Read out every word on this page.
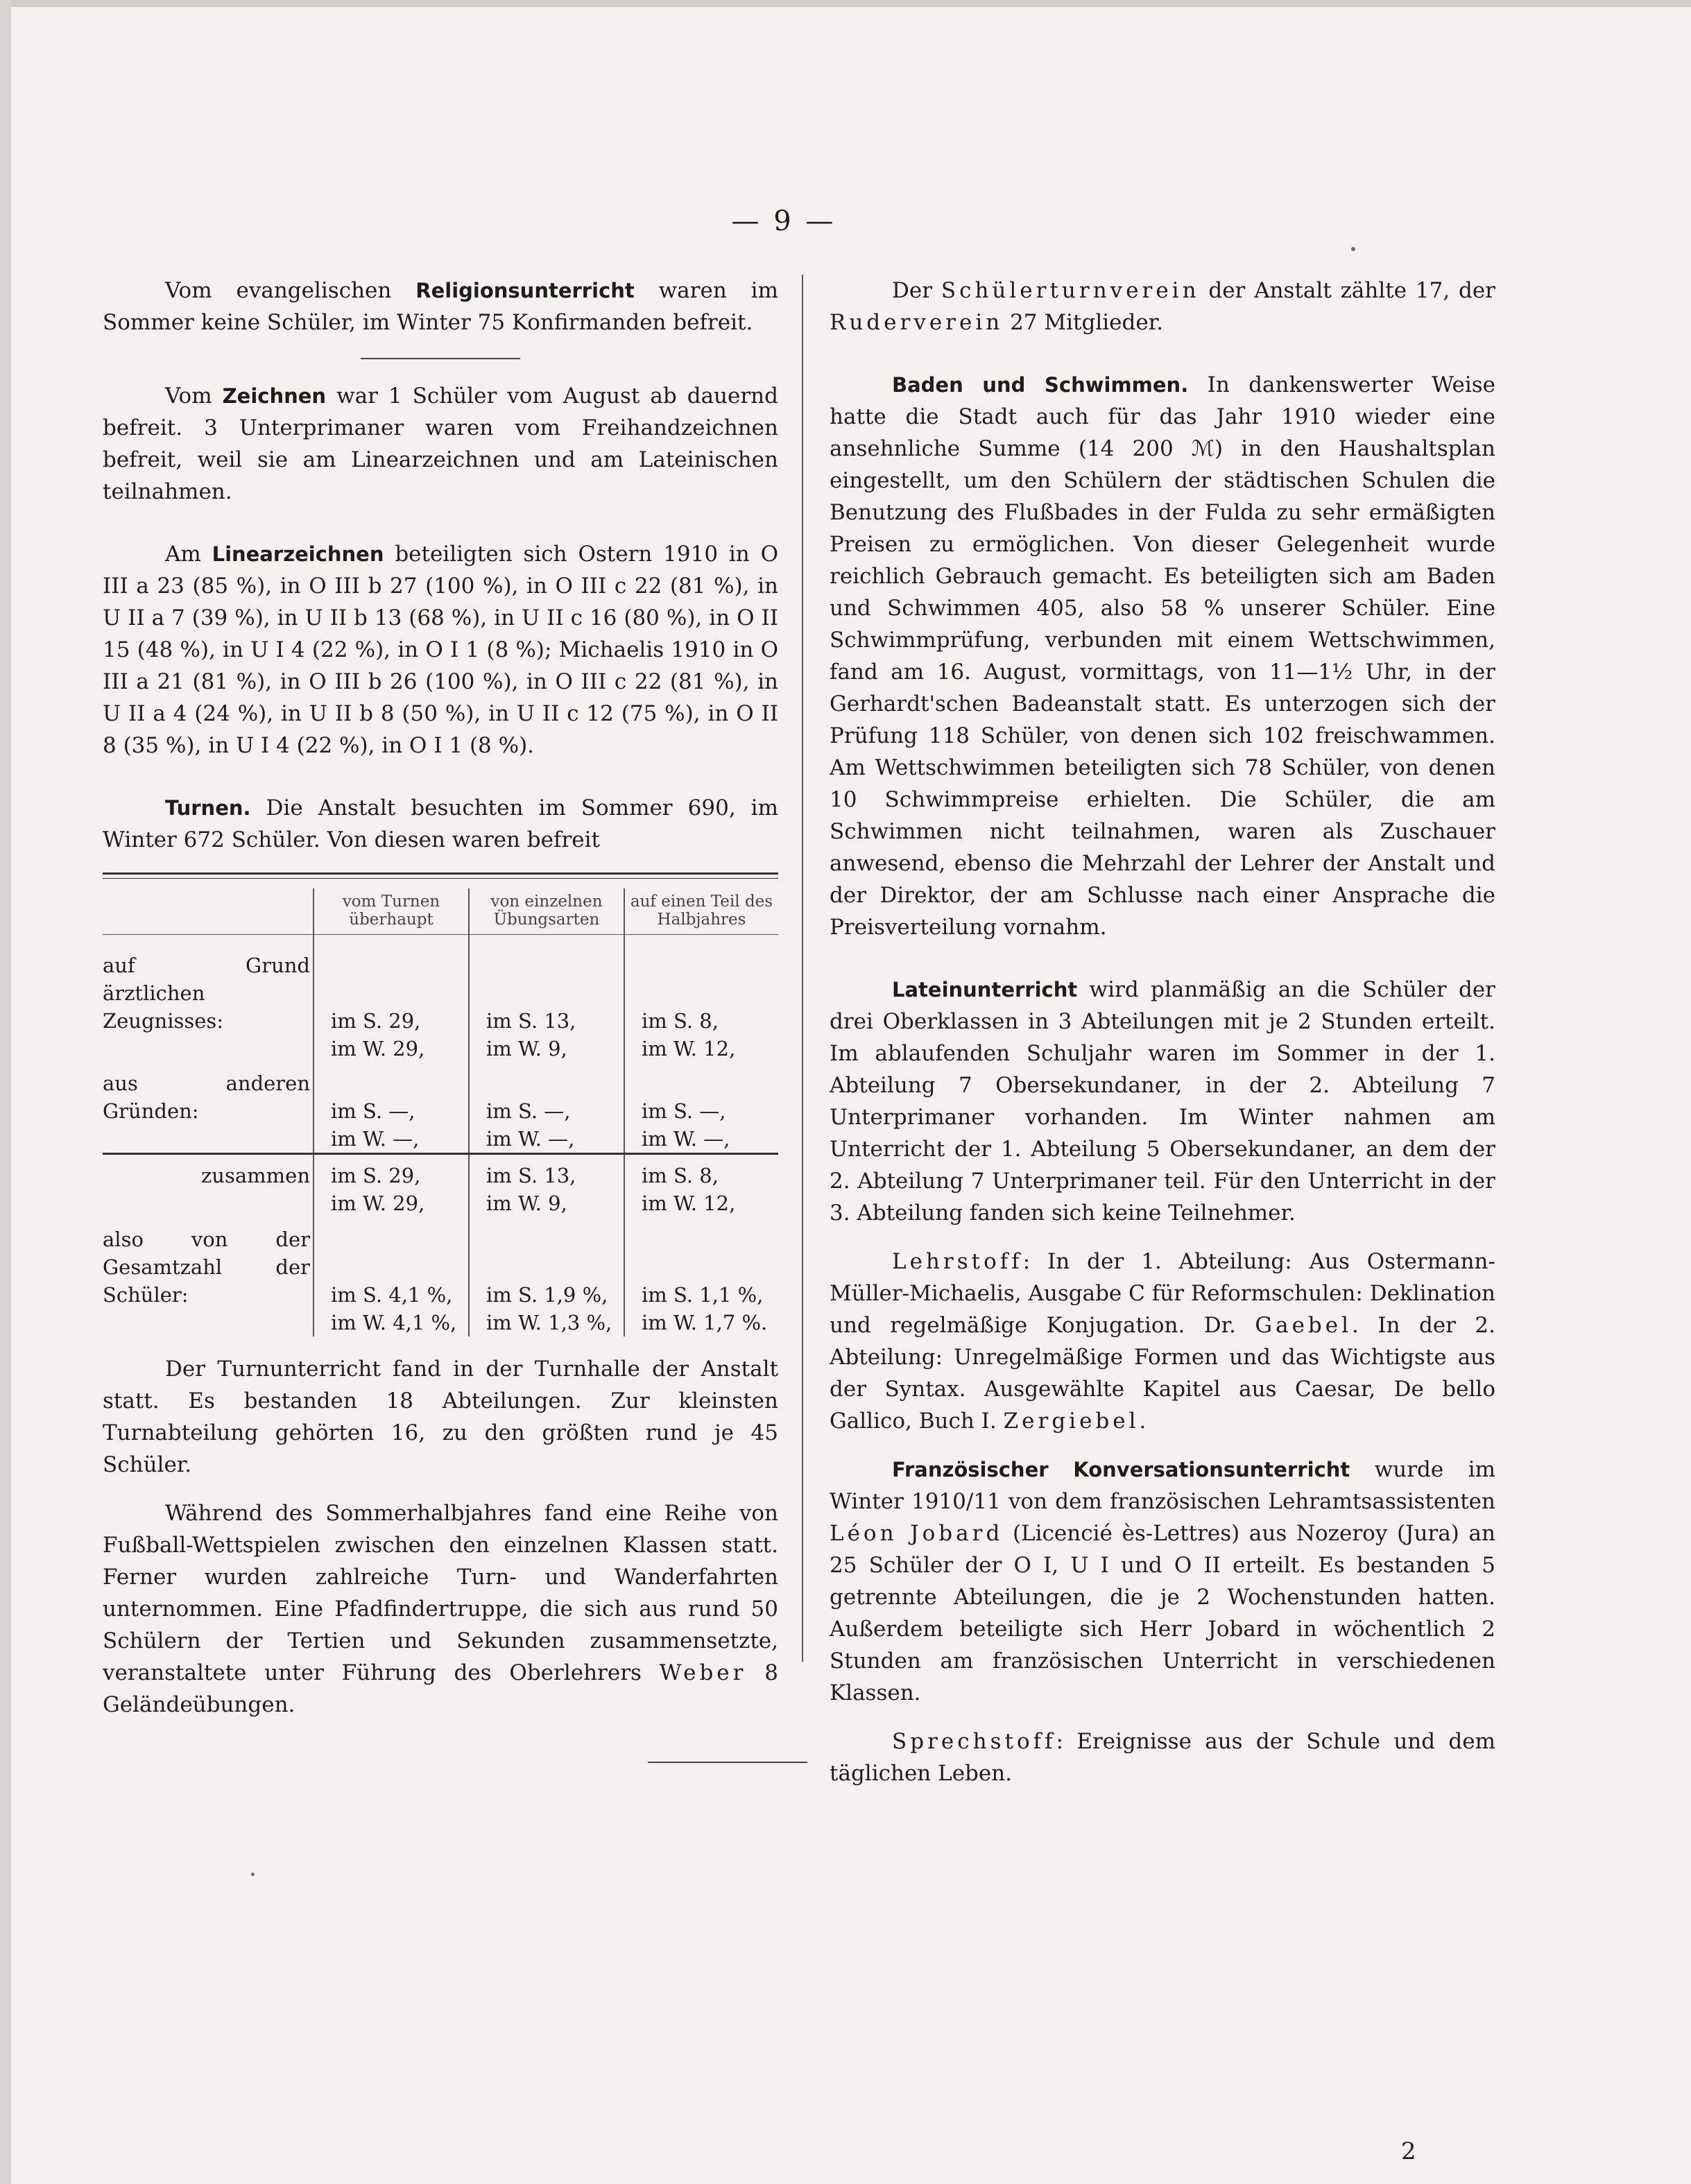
— 9 —

Vom evangelischen Religionsunterricht waren im Sommer keine Schüler, im Winter 75 Konfirmanden befreit.

Vom Zeichnen war 1 Schüler vom August ab dauernd befreit. 3 Unterprimaner waren vom Freihandzeichnen befreit, weil sie am Linearzeichnen und am Lateinischen teilnahmen.

Am Linearzeichnen beteiligten sich Ostern 1910 in O III a 23 (85 %), in O III b 27 (100 %), in O III c 22 (81 %), in U II a 7 (39 %), in U II b 13 (68 %), in U II c 16 (80 %), in O II 15 (48 %), in U I 4 (22 %), in O I 1 (8 %); Michaelis 1910 in O III a 21 (81 %), in O III b 26 (100 %), in O III c 22 (81 %), in U II a 4 (24 %), in U II b 8 (50 %), in U II c 12 (75 %), in O II 8 (35 %), in U I 4 (22 %), in O I 1 (8 %).

Turnen. Die Anstalt besuchten im Sommer 690, im Winter 672 Schüler. Von diesen waren befreit

	vom Turnen überhaupt	von einzelnen Übungsarten	auf einen Teil des Halbjahres
auf Grund ärztlichen Zeugnisses:	im S. 29,	im S. 13,	im S. 8,
	im W. 29,	im W. 9,	im W. 12,
aus anderen Gründen:	im S. —,	im S. —,	im S. —,
	im W. —,	im W. —,	im W. —,
zusammen	im S. 29,	im S. 13,	im S. 8,
	im W. 29,	im W. 9,	im W. 12,
also von der Gesamtzahl der Schüler:	im S. 4,1 %,	im S. 1,9 %,	im S. 1,1 %,
	im W. 4,1 %,	im W. 1,3 %,	im W. 1,7 %.

Der Turnunterricht fand in der Turnhalle der Anstalt statt. Es bestanden 18 Abteilungen. Zur kleinsten Turnabteilung gehörten 16, zu den größten rund je 45 Schüler.

Während des Sommerhalbjahres fand eine Reihe von Fußball-Wettspielen zwischen den einzelnen Klassen statt. Ferner wurden zahlreiche Turn- und Wanderfahrten unternommen. Eine Pfadfindertruppe, die sich aus rund 50 Schülern der Tertien und Sekunden zusammensetzte, veranstaltete unter Führung des Oberlehrers Weber 8 Geländeübungen.

Der Schülerturnverein der Anstalt zählte 17, der Ruderverein 27 Mitglieder.

Baden und Schwimmen. In dankenswerter Weise hatte die Stadt auch für das Jahr 1910 wieder eine ansehnliche Summe (14 200 ℳ) in den Haushaltsplan eingestellt, um den Schülern der städtischen Schulen die Benutzung des Flußbades in der Fulda zu sehr ermäßigten Preisen zu ermöglichen. Von dieser Gelegenheit wurde reichlich Gebrauch gemacht. Es beteiligten sich am Baden und Schwimmen 405, also 58 % unserer Schüler. Eine Schwimmprüfung, verbunden mit einem Wettschwimmen, fand am 16. August, vormittags, von 11—1½ Uhr, in der Gerhardt'schen Badeanstalt statt. Es unterzogen sich der Prüfung 118 Schüler, von denen sich 102 freischwammen. Am Wettschwimmen beteiligten sich 78 Schüler, von denen 10 Schwimmpreise erhielten. Die Schüler, die am Schwimmen nicht teilnahmen, waren als Zuschauer anwesend, ebenso die Mehrzahl der Lehrer der Anstalt und der Direktor, der am Schlusse nach einer Ansprache die Preisverteilung vornahm.

Lateinunterricht wird planmäßig an die Schüler der drei Oberklassen in 3 Abteilungen mit je 2 Stunden erteilt. Im ablaufenden Schuljahr waren im Sommer in der 1. Abteilung 7 Obersekundaner, in der 2. Abteilung 7 Unterprimaner vorhanden. Im Winter nahmen am Unterricht der 1. Abteilung 5 Obersekundaner, an dem der 2. Abteilung 7 Unterprimaner teil. Für den Unterricht in der 3. Abteilung fanden sich keine Teilnehmer.

Lehrstoff: In der 1. Abteilung: Aus Ostermann-Müller-Michaelis, Ausgabe C für Reformschulen: Deklination und regelmäßige Konjugation. Dr. Gaebel. In der 2. Abteilung: Unregelmäßige Formen und das Wichtigste aus der Syntax. Ausgewählte Kapitel aus Caesar, De bello Gallico, Buch I. Zergiebel.

Französischer Konversationsunterricht wurde im Winter 1910/11 von dem französischen Lehramtsassistenten Léon Jobard (Licencié ès-Lettres) aus Nozeroy (Jura) an 25 Schüler der O I, U I und O II erteilt. Es bestanden 5 getrennte Abteilungen, die je 2 Wochenstunden hatten. Außerdem beteiligte sich Herr Jobard in wöchentlich 2 Stunden am französischen Unterricht in verschiedenen Klassen.

Sprechstoff: Ereignisse aus der Schule und dem täglichen Leben.

2
